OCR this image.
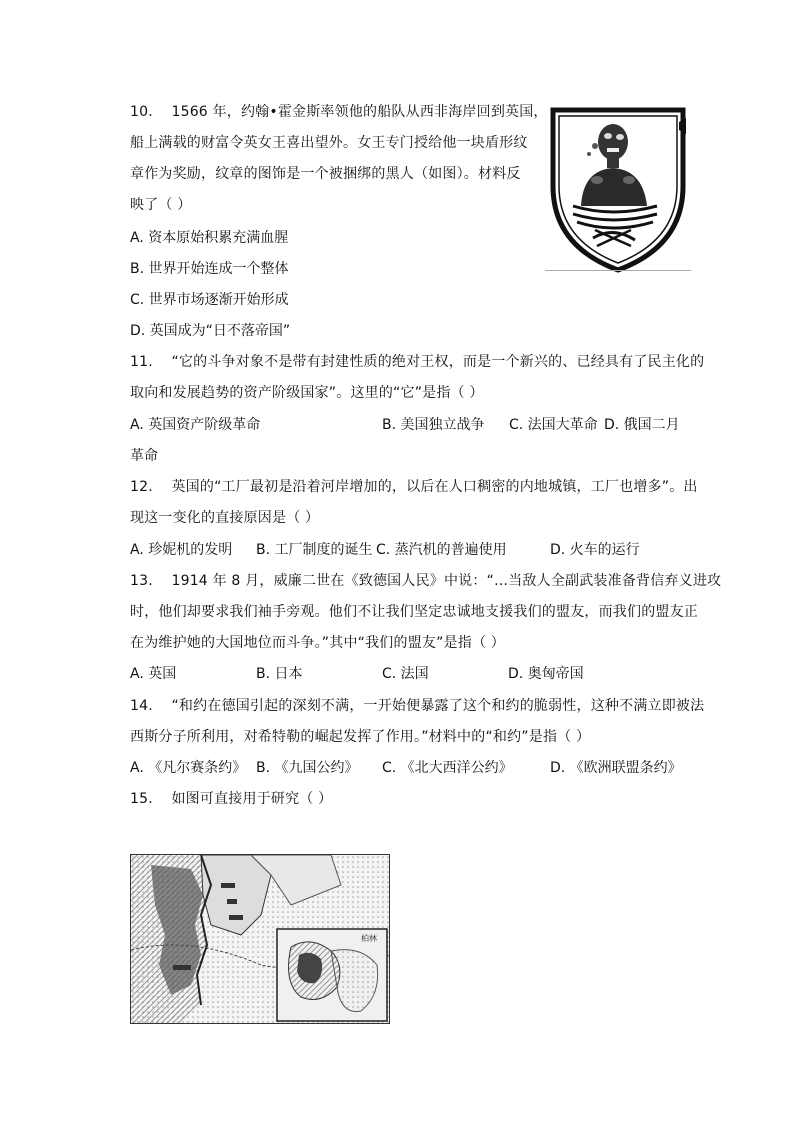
10. 1566 年，约翰•霍金斯率领他的船队从西非海岸回到英国，
船上满载的财富令英女王喜出望外。女王专门授给他一块盾形纹
章作为奖励，纹章的图饰是一个被捆绑的黑人（如图）。材料反
映了（ ）
A. 资本原始积累充满血腥
B. 世界开始连成一个整体
C. 世界市场逐渐开始形成
D. 英国成为“日不落帝国”
11. “它的斗争对象不是带有封建性质的绝对王权，而是一个新兴的、已经具有了民主化的
取向和发展趋势的资产阶级国家”。这里的“它”是指（ ）
A. 英国资产阶级革命	B. 美国独立战争 C. 法国大革命 D. 俄国二月
革命
12. 英国的“工厂最初是沿着河岸增加的，以后在人口稠密的内地城镇，工厂也增多”。出
现这一变化的直接原因是（ ）
A. 珍妮机的发明 B. 工厂制度的诞生 C. 蒸汽机的普遍使用	D. 火车的运行
13. 1914 年 8 月，威廉二世在《致德国人民》中说：“…当敌人全副武装准备背信弃义进攻
时，他们却要求我们袖手旁观。他们不让我们坚定忠诚地支援我们的盟友，而我们的盟友正
在为维护她的大国地位而斗争。”其中“我们的盟友”是指（ ）
A. 英国	B. 日本	C. 法国	D. 奥匈帝国
14. “和约在德国引起的深刻不满，一开始便暴露了这个和约的脆弱性，这种不满立即被法
西斯分子所利用，对希特勒的崛起发挥了作用。”材料中的“和约”是指（ ）
A. 《凡尔赛条约》 B. 《九国公约》 C. 《北大西洋公约》	D. 《欧洲联盟条约》
15. 如图可直接用于研究（ ）
柏林
